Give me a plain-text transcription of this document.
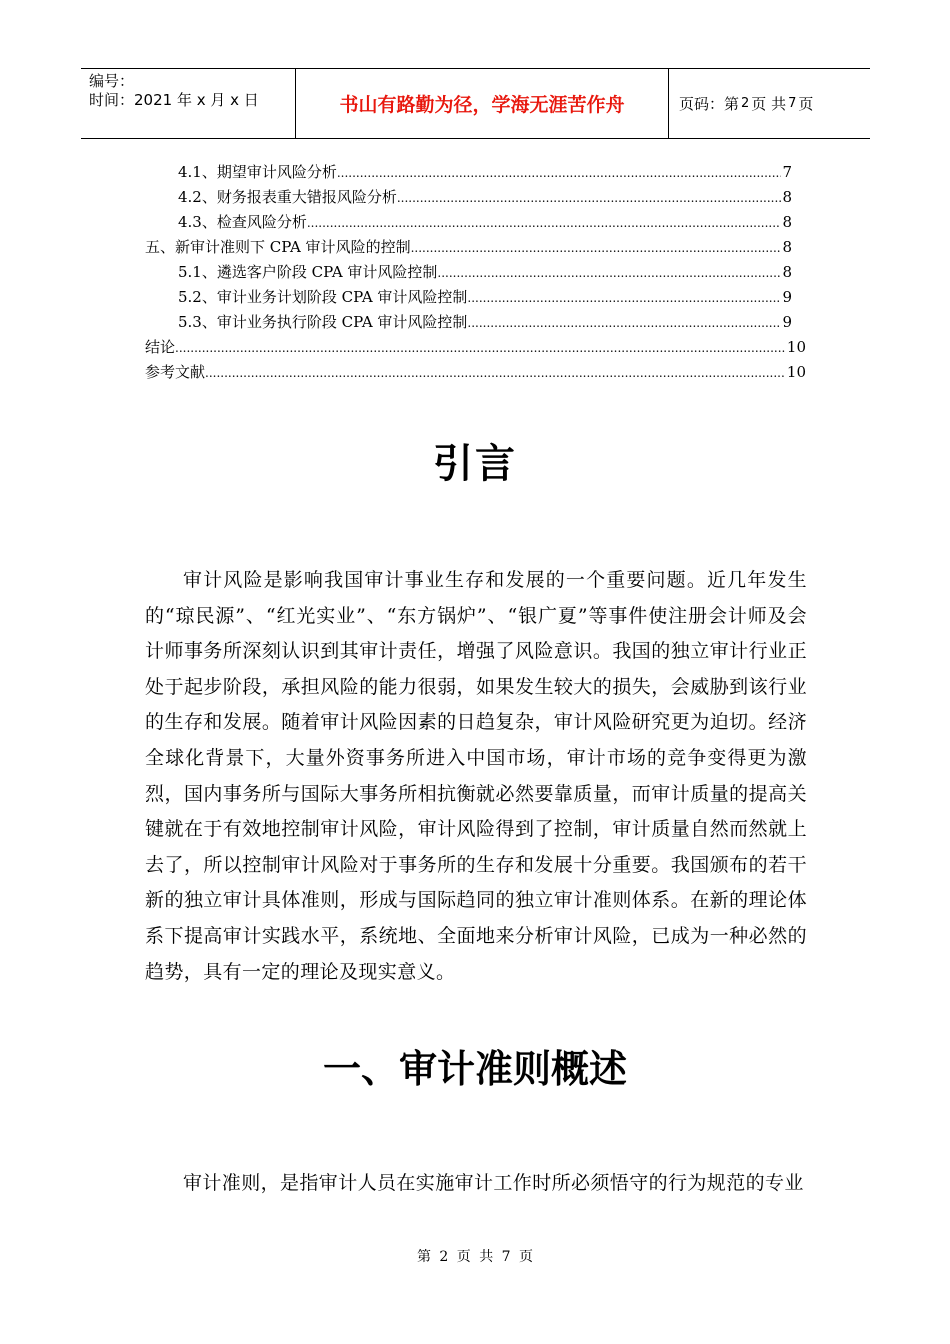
编号：
时间：2021 年 x 月 x 日	书山有路勤为径，学海无涯苦作舟	页码：第 2 页 共 7 页
4.1、期望审计风险分析 .....	7
4.2、财务报表重大错报风险分析 .....	8
4.3、检查风险分析 .....	8
五、新审计准则下 CPA 审计风险的控制 .....	8
5.1、遴选客户阶段 CPA 审计风险控制 .....	8
5.2、审计业务计划阶段 CPA 审计风险控制 .....	9
5.3、审计业务执行阶段 CPA 审计风险控制 .....	9
结论 .....	10
参考文献 .....	10
引言
审计风险是影响我国审计事业生存和发展的一个重要问题。近几年发生的“琼民源”、“红光实业”、“东方锅炉”、“银广夏”等事件使注册会计师及会计师事务所深刻认识到其审计责任，增强了风险意识。我国的独立审计行业正处于起步阶段，承担风险的能力很弱，如果发生较大的损失，会威胁到该行业的生存和发展。随着审计风险因素的日趋复杂，审计风险研究更为迫切。经济全球化背景下，大量外资事务所进入中国市场，审计市场的竞争变得更为激烈，国内事务所与国际大事务所相抗衡就必然要靠质量，而审计质量的提高关键就在于有效地控制审计风险，审计风险得到了控制，审计质量自然而然就上去了，所以控制审计风险对于事务所的生存和发展十分重要。我国颁布的若干新的独立审计具体准则，形成与国际趋同的独立审计准则体系。在新的理论体系下提高审计实践水平，系统地、全面地来分析审计风险，已成为一种必然的趋势，具有一定的理论及现实意义。
一、审计准则概述
审计准则，是指审计人员在实施审计工作时所必须悟守的行为规范的专业
第 2 页 共 7 页
